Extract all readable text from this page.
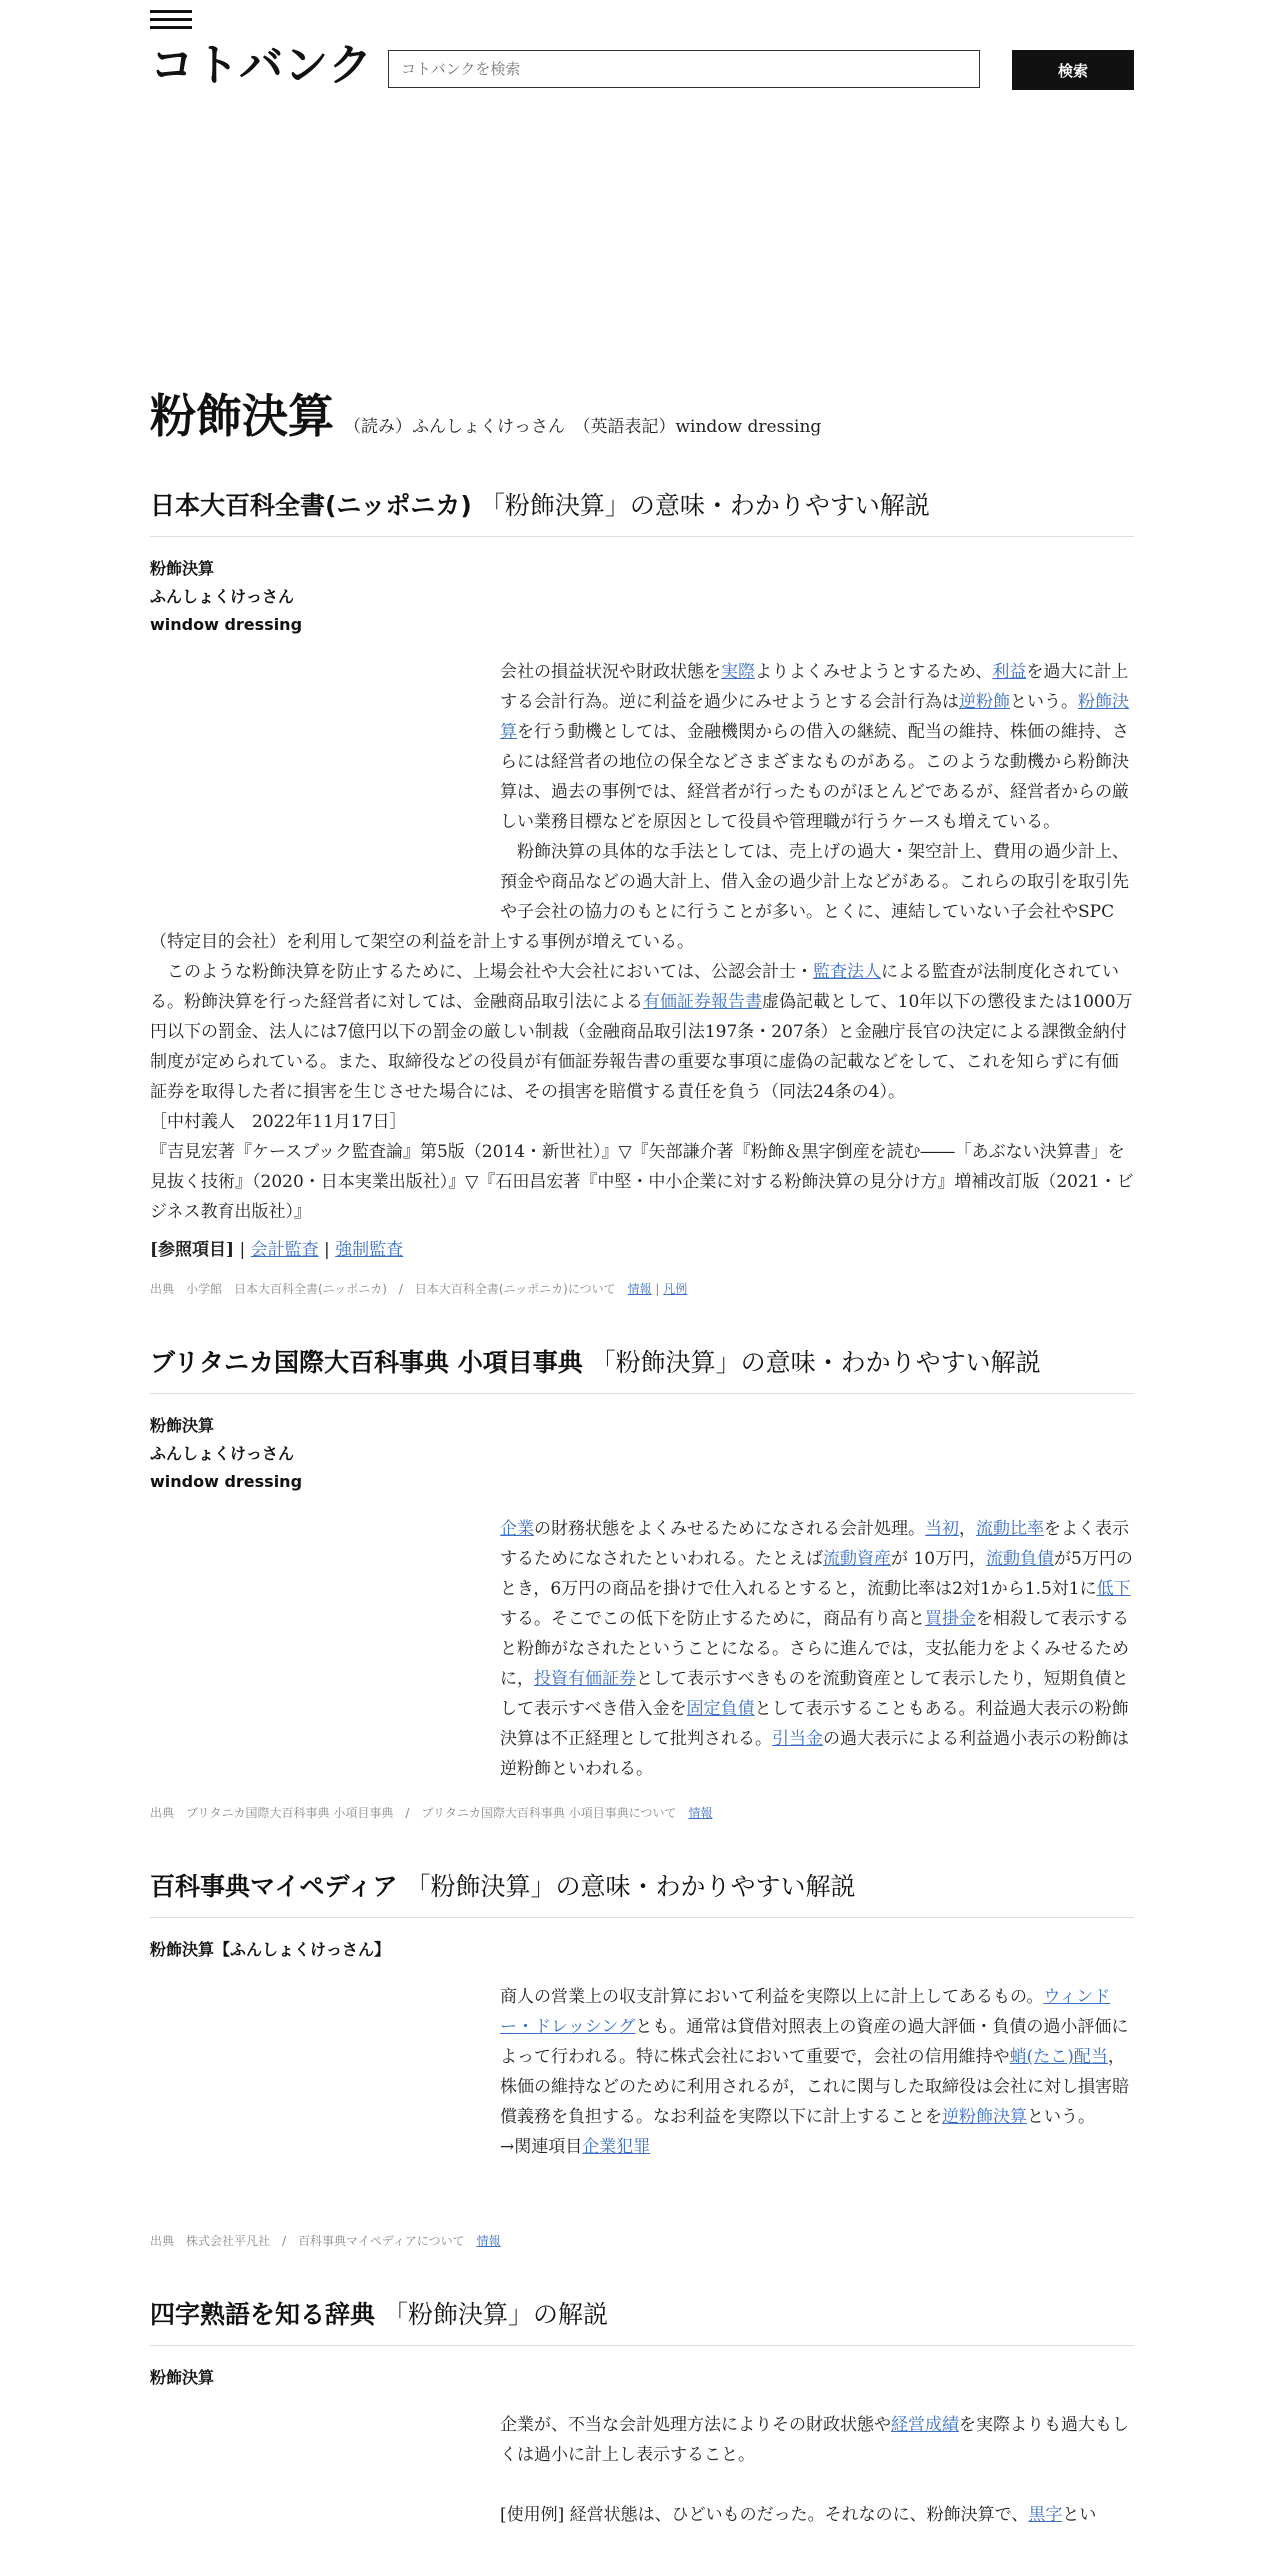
コトバンク
コトバンクを検索	検索
粉飾決算 （読み）ふんしょくけっさん　（英語表記）window dressing
日本大百科全書(ニッポニカ) 「粉飾決算」の意味・わかりやすい解説
粉飾決算
ふんしょくけっさん
window dressing
会社の損益状況や財政状態を実際よりよくみせようとするため、利益を過大に計上する会計行為。逆に利益を過少にみせようとする会計行為は逆粉飾という。粉飾決算を行う動機としては、金融機関からの借入の継続、配当の維持、株価の維持、さらには経営者の地位の保全などさまざまなものがある。このような動機から粉飾決算は、過去の事例では、経営者が行ったものがほとんどであるが、経営者からの厳しい業務目標などを原因として役員や管理職が行うケースも増えている。
 粉飾決算の具体的な手法としては、売上げの過大・架空計上、費用の過少計上、預金や商品などの過大計上、借入金の過少計上などがある。これらの取引を取引先や子会社の協力のもとに行うことが多い。とくに、連結していない子会社やSPC（特定目的会社）を利用して架空の利益を計上する事例が増えている。
 このような粉飾決算を防止するために、上場会社や大会社においては、公認会計士・監査法人による監査が法制度化されている。粉飾決算を行った経営者に対しては、金融商品取引法による有価証券報告書虚偽記載として、10年以下の懲役または1000万円以下の罰金、法人には7億円以下の罰金の厳しい制裁（金融商品取引法197条・207条）と金融庁長官の決定による課徴金納付制度が定められている。また、取締役などの役員が有価証券報告書の重要な事項に虚偽の記載などをして、これを知らずに有価証券を取得した者に損害を生じさせた場合には、その損害を賠償する責任を負う（同法24条の4）。
［中村義人　2022年11月17日］
『吉見宏著『ケースブック監査論』第5版（2014・新世社）』▽『矢部謙介著『粉飾＆黒字倒産を読む――「あぶない決算書」を見抜く技術』（2020・日本実業出版社）』▽『石田昌宏著『中堅・中小企業に対する粉飾決算の見分け方』増補改訂版（2021・ビジネス教育出版社）』
[参照項目] | 会計監査 | 強制監査
出典　小学館　日本大百科全書(ニッポニカ)　/　日本大百科全書(ニッポニカ)について　情報 | 凡例
ブリタニカ国際大百科事典 小項目事典 「粉飾決算」の意味・わかりやすい解説
粉飾決算
ふんしょくけっさん
window dressing
企業の財務状態をよくみせるためになされる会計処理。当初，流動比率をよく表示するためになされたといわれる。たとえば流動資産が 10万円，流動負債が5万円のとき，6万円の商品を掛けで仕入れるとすると，流動比率は2対1から1.5対1に低下する。そこでこの低下を防止するために，商品有り高と買掛金を相殺して表示すると粉飾がなされたということになる。さらに進んでは，支払能力をよくみせるために，投資有価証券として表示すべきものを流動資産として表示したり，短期負債として表示すべき借入金を固定負債として表示することもある。利益過大表示の粉飾決算は不正経理として批判される。引当金の過大表示による利益過小表示の粉飾は逆粉飾といわれる。
出典　ブリタニカ国際大百科事典 小項目事典　/　ブリタニカ国際大百科事典 小項目事典について　情報
百科事典マイペディア 「粉飾決算」の意味・わかりやすい解説
粉飾決算【ふんしょくけっさん】
商人の営業上の収支計算において利益を実際以上に計上してあるもの。ウィンドー・ドレッシングとも。通常は貸借対照表上の資産の過大評価・負債の過小評価によって行われる。特に株式会社において重要で，会社の信用維持や蛸(たこ)配当，株価の維持などのために利用されるが，これに関与した取締役は会社に対し損害賠償義務を負担する。なお利益を実際以下に計上することを逆粉飾決算という。
→関連項目企業犯罪
出典　株式会社平凡社　/　百科事典マイペディアについて　情報
四字熟語を知る辞典 「粉飾決算」の解説
粉飾決算
企業が、不当な会計処理方法によりその財政状態や経営成績を実際よりも過大もしくは過小に計上し表示すること。

[使用例] 経営状態は、ひどいものだった。それなのに、粉飾決算で、黒字とい
